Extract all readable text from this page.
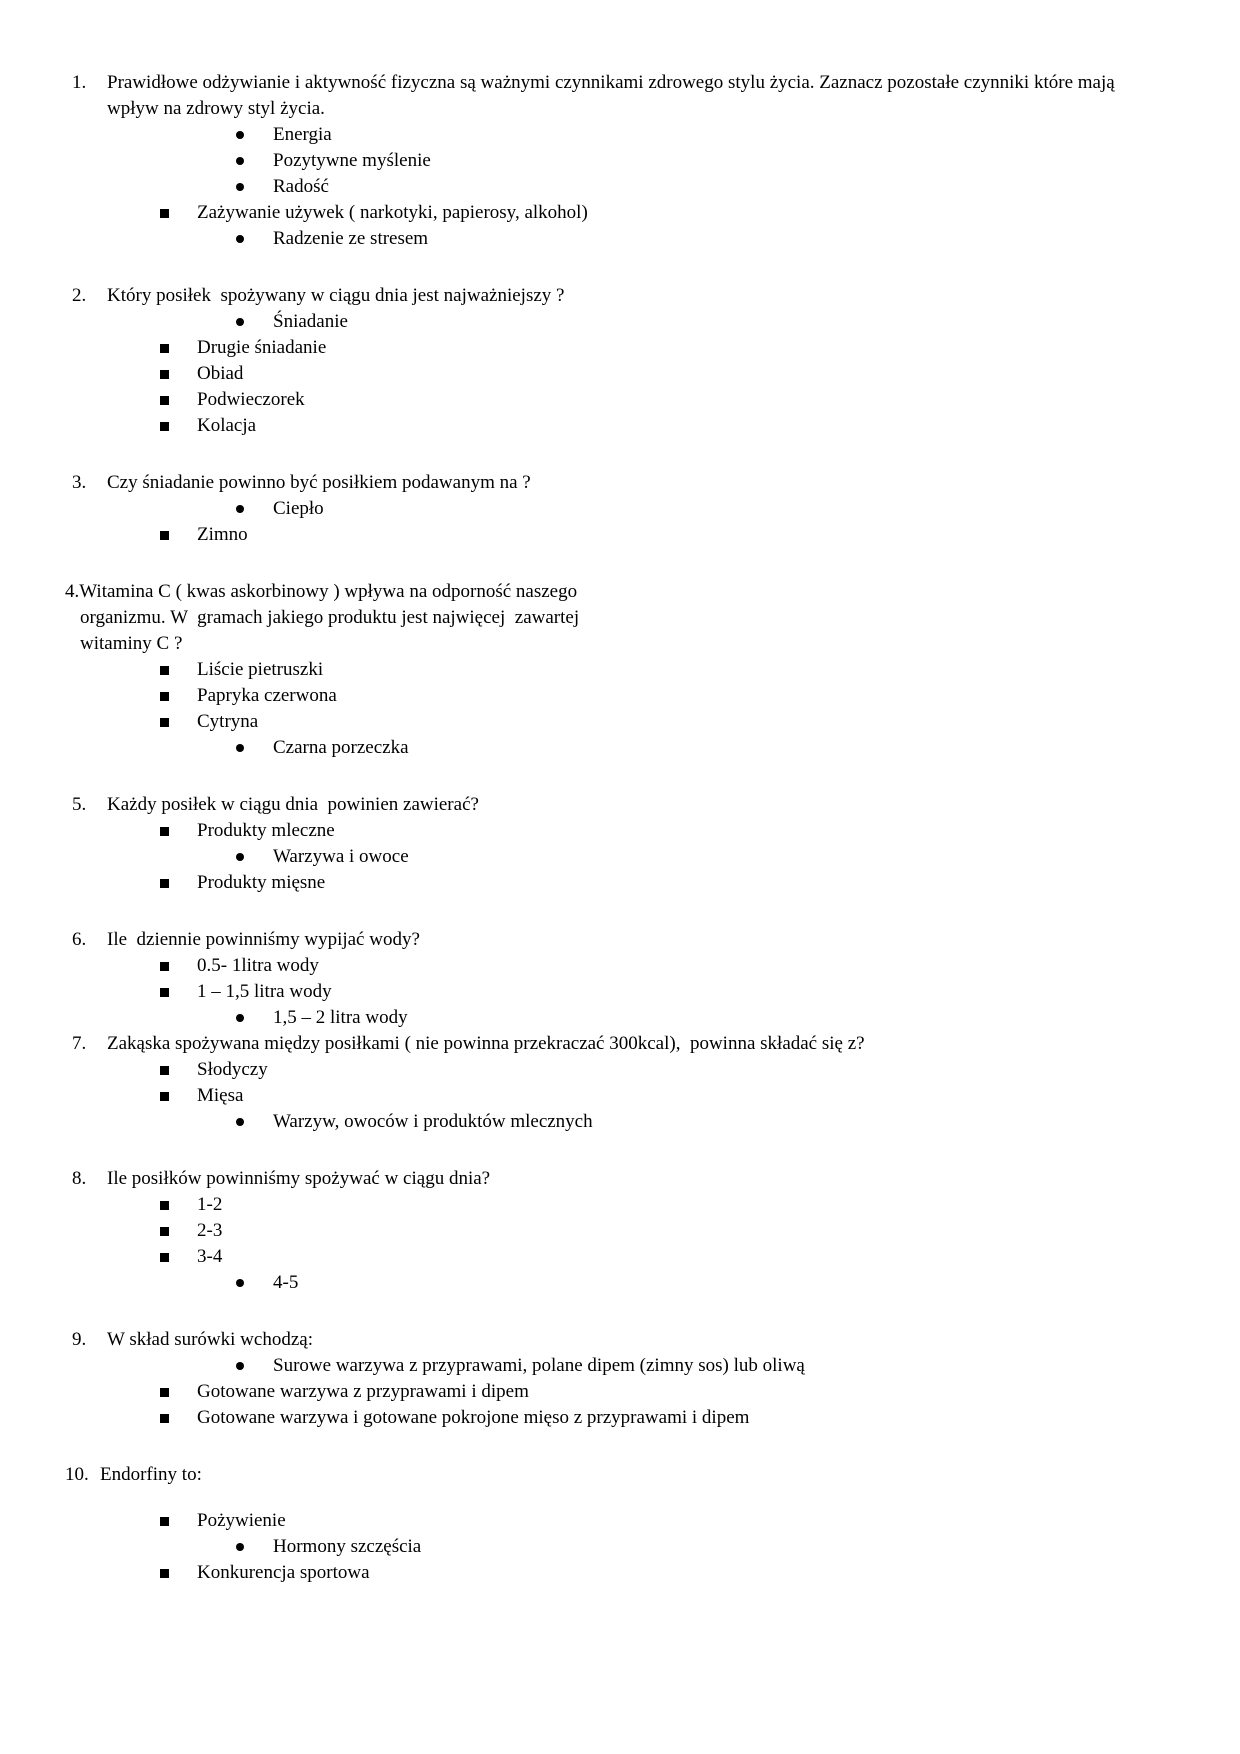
1. Prawidłowe odżywianie i aktywność fizyczna są ważnymi czynnikami zdrowego stylu życia. Zaznacz pozostałe czynniki które mają wpływ na zdrowy styl życia.
Energia
Pozytywne myślenie
Radość
Zażywanie używek ( narkotyki, papierosy, alkohol)
Radzenie ze stresem
2. Który posiłek  spożywany w ciągu dnia jest najważniejszy ?
Śniadanie
Drugie śniadanie
Obiad
Podwieczorek
Kolacja
3. Czy śniadanie powinno być posiłkiem podawanym na ?
Ciepło
Zimno
4.Witamina C ( kwas askorbinowy ) wpływa na odporność naszego organizmu. W  gramach jakiego produktu jest najwięcej  zawartej witaminy C ?
Liście pietruszki
Papryka czerwona
Cytryna
Czarna porzeczka
5. Każdy posiłek w ciągu dnia  powinien zawierać?
Produkty mleczne
Warzywa i owoce
Produkty mięsne
6. Ile  dziennie powinniśmy wypijać wody?
0.5- 1litra wody
1 – 1,5 litra wody
1,5 – 2 litra wody
7. Zakąska spożywana między posiłkami ( nie powinna przekraczać 300kcal),  powinna składać się z?
Słodyczy
Mięsa
Warzyw, owoców i produktów mlecznych
8. Ile posiłków powinniśmy spożywać w ciągu dnia?
1-2
2-3
3-4
4-5
9. W skład surówki wchodzą:
Surowe warzywa z przyprawami, polane dipem (zimny sos) lub oliwą
Gotowane warzywa z przyprawami i dipem
Gotowane warzywa i gotowane pokrojone mięso z przyprawami i dipem
10. Endorfiny to:
Pożywienie
Hormony szczęścia
Konkurencja sportowa
